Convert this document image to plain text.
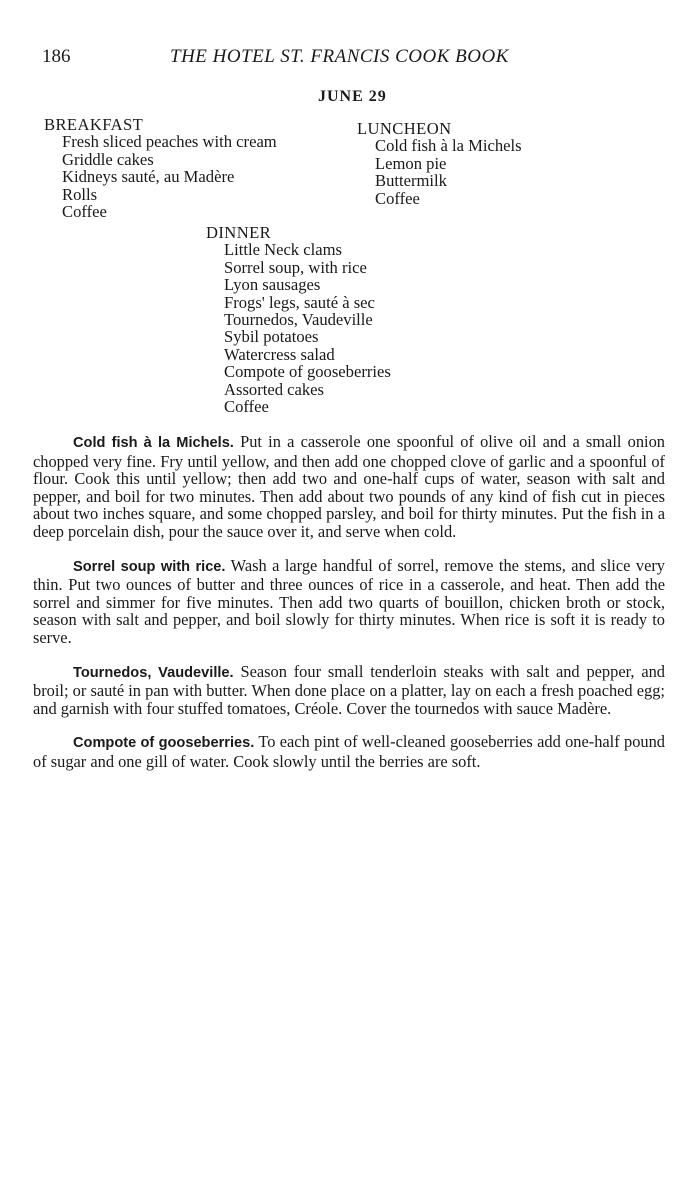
186	THE HOTEL ST. FRANCIS COOK BOOK
JUNE 29
BREAKFAST
Fresh sliced peaches with cream
Griddle cakes
Kidneys sauté, au Madère
Rolls
Coffee
LUNCHEON
Cold fish à la Michels
Lemon pie
Buttermilk
Coffee
DINNER
Little Neck clams
Sorrel soup, with rice
Lyon sausages
Frogs' legs, sauté à sec
Tournedos, Vaudeville
Sybil potatoes
Watercress salad
Compote of gooseberries
Assorted cakes
Coffee

Cold fish à la Michels. Put in a casserole one spoonful of olive oil and a small onion chopped very fine. Fry until yellow, and then add one chopped clove of garlic and a spoonful of flour. Cook this until yellow; then add two and one-half cups of water, season with salt and pepper, and boil for two minutes. Then add about two pounds of any kind of fish cut in pieces about two inches square, and some chopped parsley, and boil for thirty minutes. Put the fish in a deep porcelain dish, pour the sauce over it, and serve when cold.

Sorrel soup with rice. Wash a large handful of sorrel, remove the stems, and slice very thin. Put two ounces of butter and three ounces of rice in a casserole, and heat. Then add the sorrel and simmer for five minutes. Then add two quarts of bouillon, chicken broth or stock, season with salt and pepper, and boil slowly for thirty minutes. When rice is soft it is ready to serve.

Tournedos, Vaudeville. Season four small tenderloin steaks with salt and pepper, and broil; or sauté in pan with butter. When done place on a platter, lay on each a fresh poached egg; and garnish with four stuffed tomatoes, Créole. Cover the tournedos with sauce Madère.

Compote of gooseberries. To each pint of well-cleaned gooseberries add one-half pound of sugar and one gill of water. Cook slowly until the berries are soft.
